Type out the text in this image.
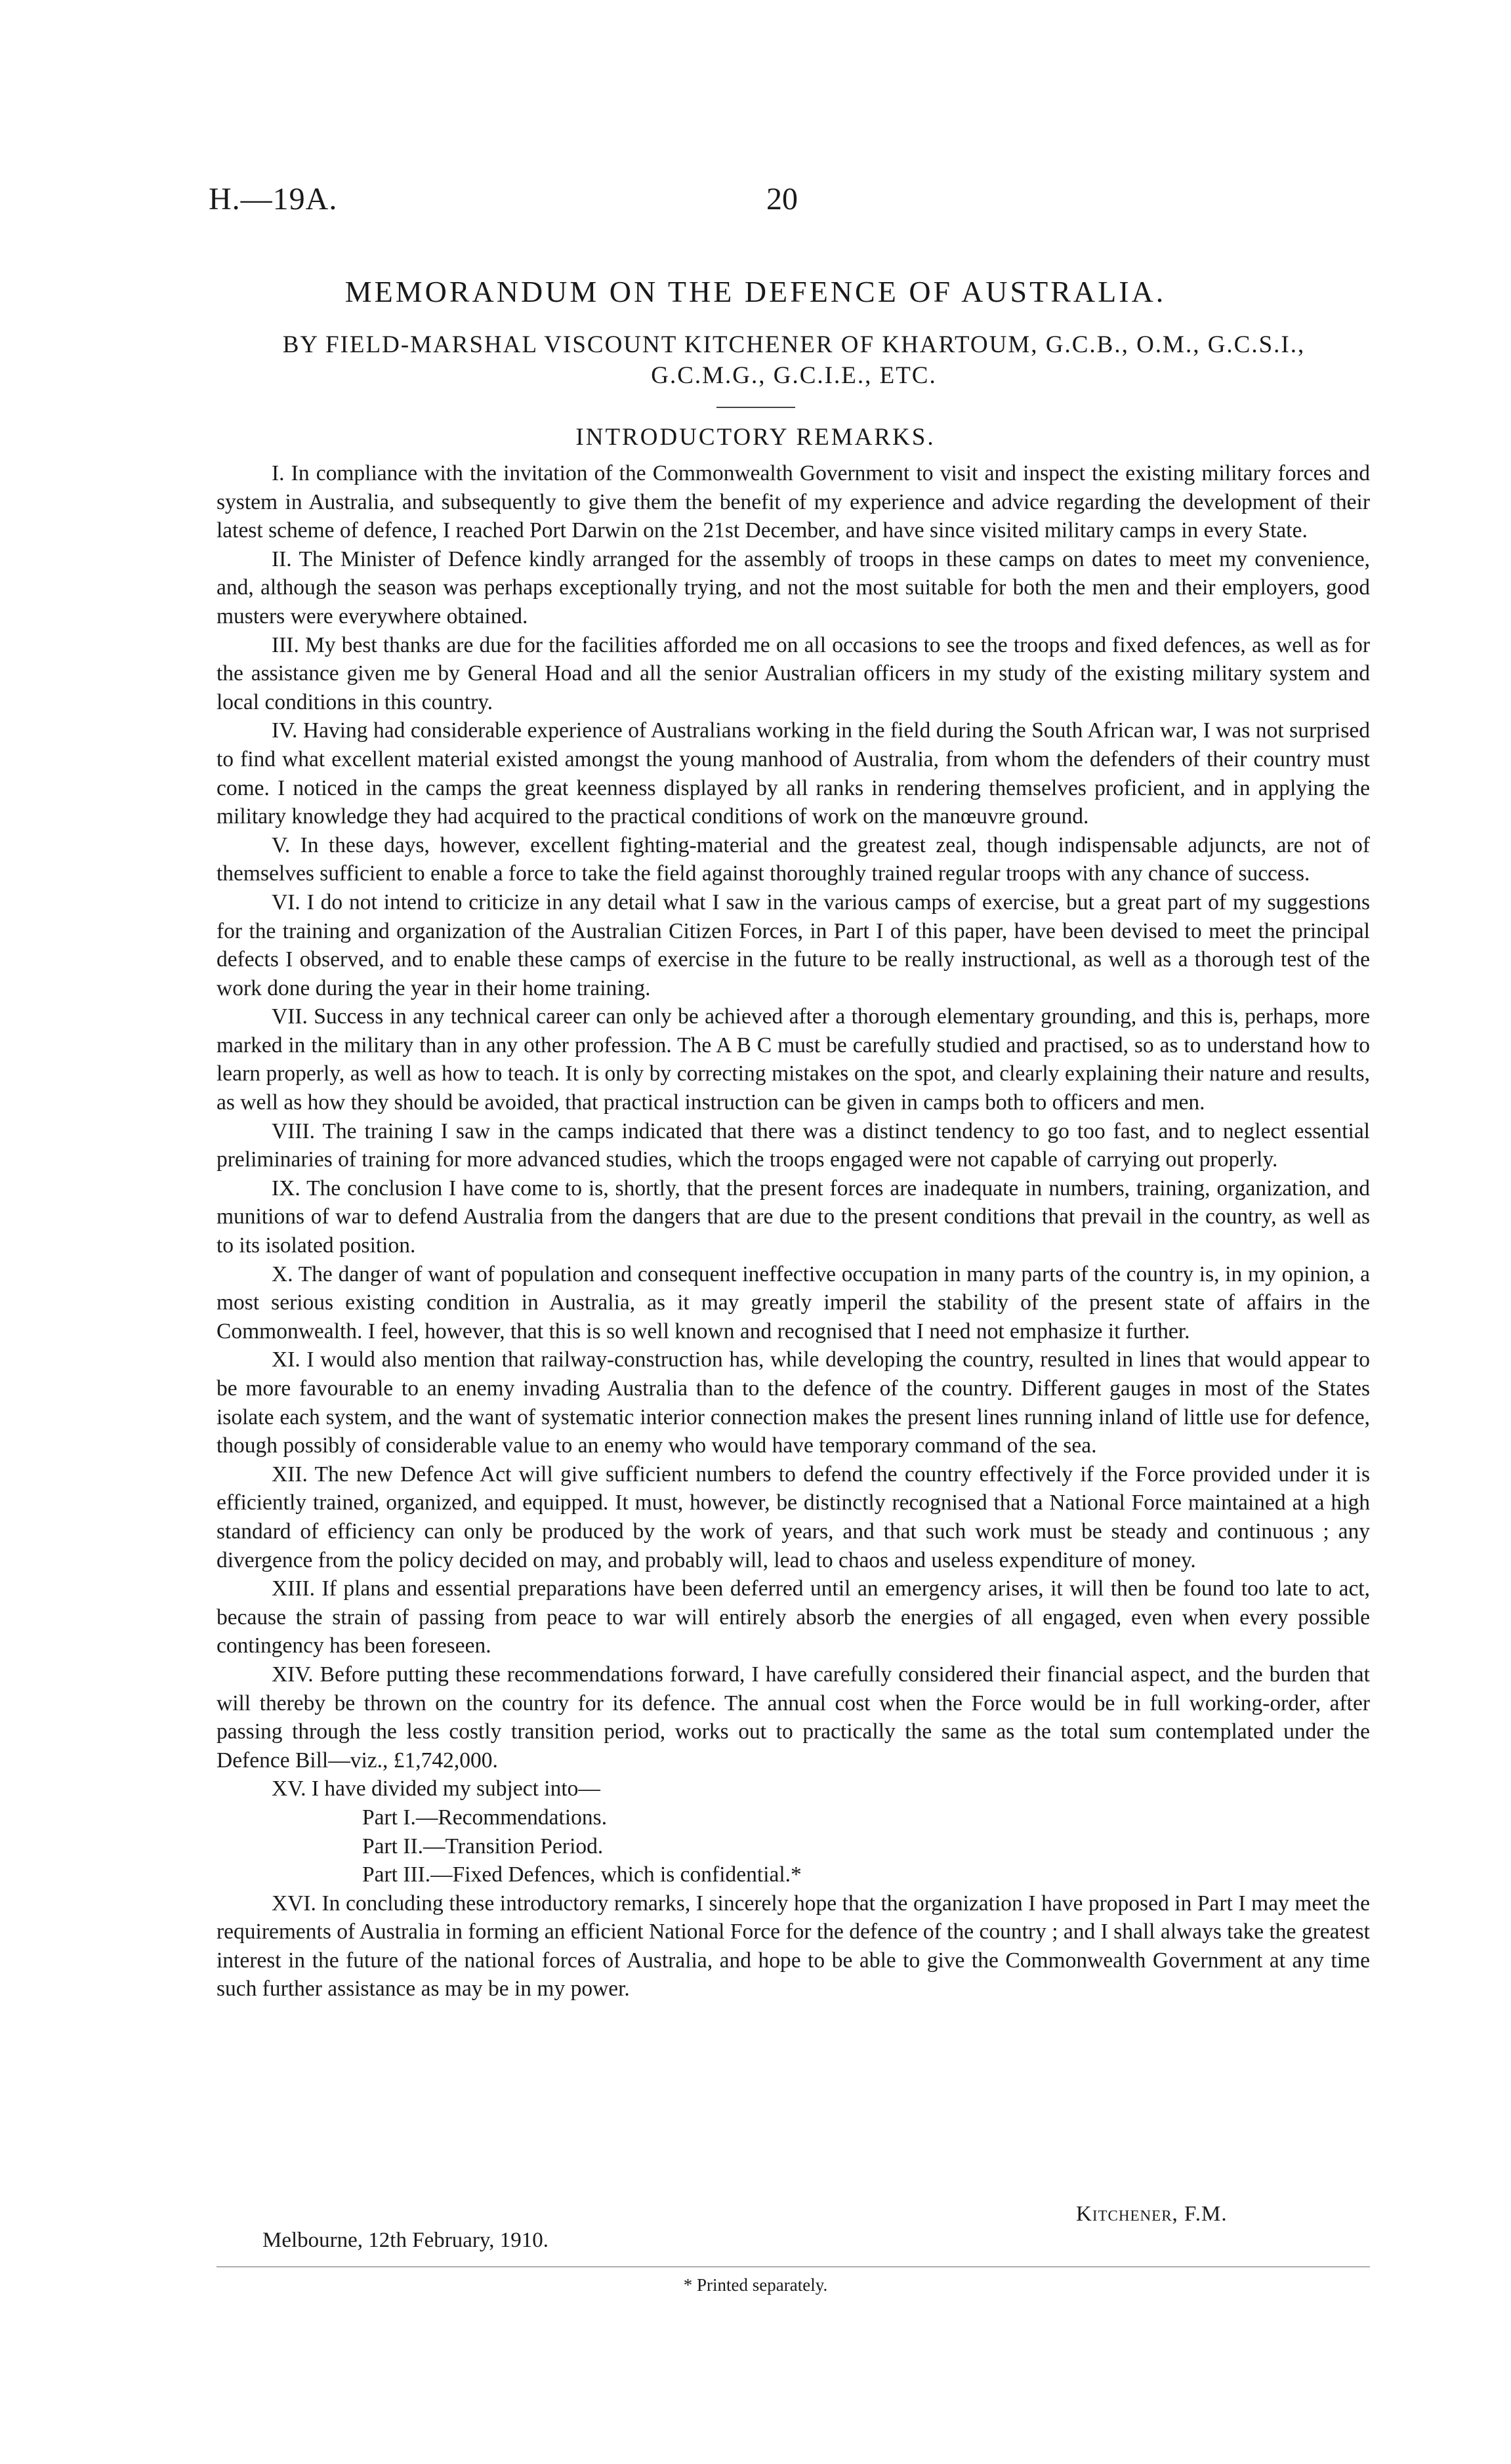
H.—19A.	20
MEMORANDUM ON THE DEFENCE OF AUSTRALIA.
BY FIELD-MARSHAL VISCOUNT KITCHENER OF KHARTOUM, G.C.B., O.M., G.C.S.I.,
G.C.M.G., G.C.I.E., ETC.
INTRODUCTORY REMARKS.

I. In compliance with the invitation of the Commonwealth Government to visit and inspect the existing military forces and system in Australia, and subsequently to give them the benefit of my experience and advice regarding the development of their latest scheme of defence, I reached Port Darwin on the 21st December, and have since visited military camps in every State.

II. The Minister of Defence kindly arranged for the assembly of troops in these camps on dates to meet my convenience, and, although the season was perhaps exceptionally trying, and not the most suitable for both the men and their employers, good musters were everywhere obtained.

III. My best thanks are due for the facilities afforded me on all occasions to see the troops and fixed defences, as well as for the assistance given me by General Hoad and all the senior Australian officers in my study of the existing military system and local conditions in this country.

IV. Having had considerable experience of Australians working in the field during the South African war, I was not surprised to find what excellent material existed amongst the young manhood of Australia, from whom the defenders of their country must come. I noticed in the camps the great keenness displayed by all ranks in rendering themselves proficient, and in applying the military knowledge they had acquired to the practical conditions of work on the manœuvre ground.

V. In these days, however, excellent fighting-material and the greatest zeal, though indispensable adjuncts, are not of themselves sufficient to enable a force to take the field against thoroughly trained regular troops with any chance of success.

VI. I do not intend to criticize in any detail what I saw in the various camps of exercise, but a great part of my suggestions for the training and organization of the Australian Citizen Forces, in Part I of this paper, have been devised to meet the principal defects I observed, and to enable these camps of exercise in the future to be really instructional, as well as a thorough test of the work done during the year in their home training.

VII. Success in any technical career can only be achieved after a thorough elementary grounding, and this is, perhaps, more marked in the military than in any other profession. The A B C must be carefully studied and practised, so as to understand how to learn properly, as well as how to teach. It is only by correcting mistakes on the spot, and clearly explaining their nature and results, as well as how they should be avoided, that practical instruction can be given in camps both to officers and men.

VIII. The training I saw in the camps indicated that there was a distinct tendency to go too fast, and to neglect essential preliminaries of training for more advanced studies, which the troops engaged were not capable of carrying out properly.

IX. The conclusion I have come to is, shortly, that the present forces are inadequate in numbers, training, organization, and munitions of war to defend Australia from the dangers that are due to the present conditions that prevail in the country, as well as to its isolated position.

X. The danger of want of population and consequent ineffective occupation in many parts of the country is, in my opinion, a most serious existing condition in Australia, as it may greatly imperil the stability of the present state of affairs in the Commonwealth. I feel, however, that this is so well known and recognised that I need not emphasize it further.

XI. I would also mention that railway-construction has, while developing the country, resulted in lines that would appear to be more favourable to an enemy invading Australia than to the defence of the country. Different gauges in most of the States isolate each system, and the want of systematic interior connection makes the present lines running inland of little use for defence, though possibly of considerable value to an enemy who would have temporary command of the sea.

XII. The new Defence Act will give sufficient numbers to defend the country effectively if the Force provided under it is efficiently trained, organized, and equipped. It must, however, be distinctly recognised that a National Force maintained at a high standard of efficiency can only be produced by the work of years, and that such work must be steady and continuous ; any divergence from the policy decided on may, and probably will, lead to chaos and useless expenditure of money.

XIII. If plans and essential preparations have been deferred until an emergency arises, it will then be found too late to act, because the strain of passing from peace to war will entirely absorb the energies of all engaged, even when every possible contingency has been foreseen.

XIV. Before putting these recommendations forward, I have carefully considered their financial aspect, and the burden that will thereby be thrown on the country for its defence. The annual cost when the Force would be in full working-order, after passing through the less costly transition period, works out to practically the same as the total sum contemplated under the Defence Bill—viz., £1,742,000.

XV. I have divided my subject into—

Part I.—Recommendations.
Part II.—Transition Period.
Part III.—Fixed Defences, which is confidential.*

XVI. In concluding these introductory remarks, I sincerely hope that the organization I have proposed in Part I may meet the requirements of Australia in forming an efficient National Force for the defence of the country ; and I shall always take the greatest interest in the future of the national forces of Australia, and hope to be able to give the Commonwealth Government at any time such further assistance as may be in my power.

Kitchener, F.M.
Melbourne, 12th February, 1910.
* Printed separately.
